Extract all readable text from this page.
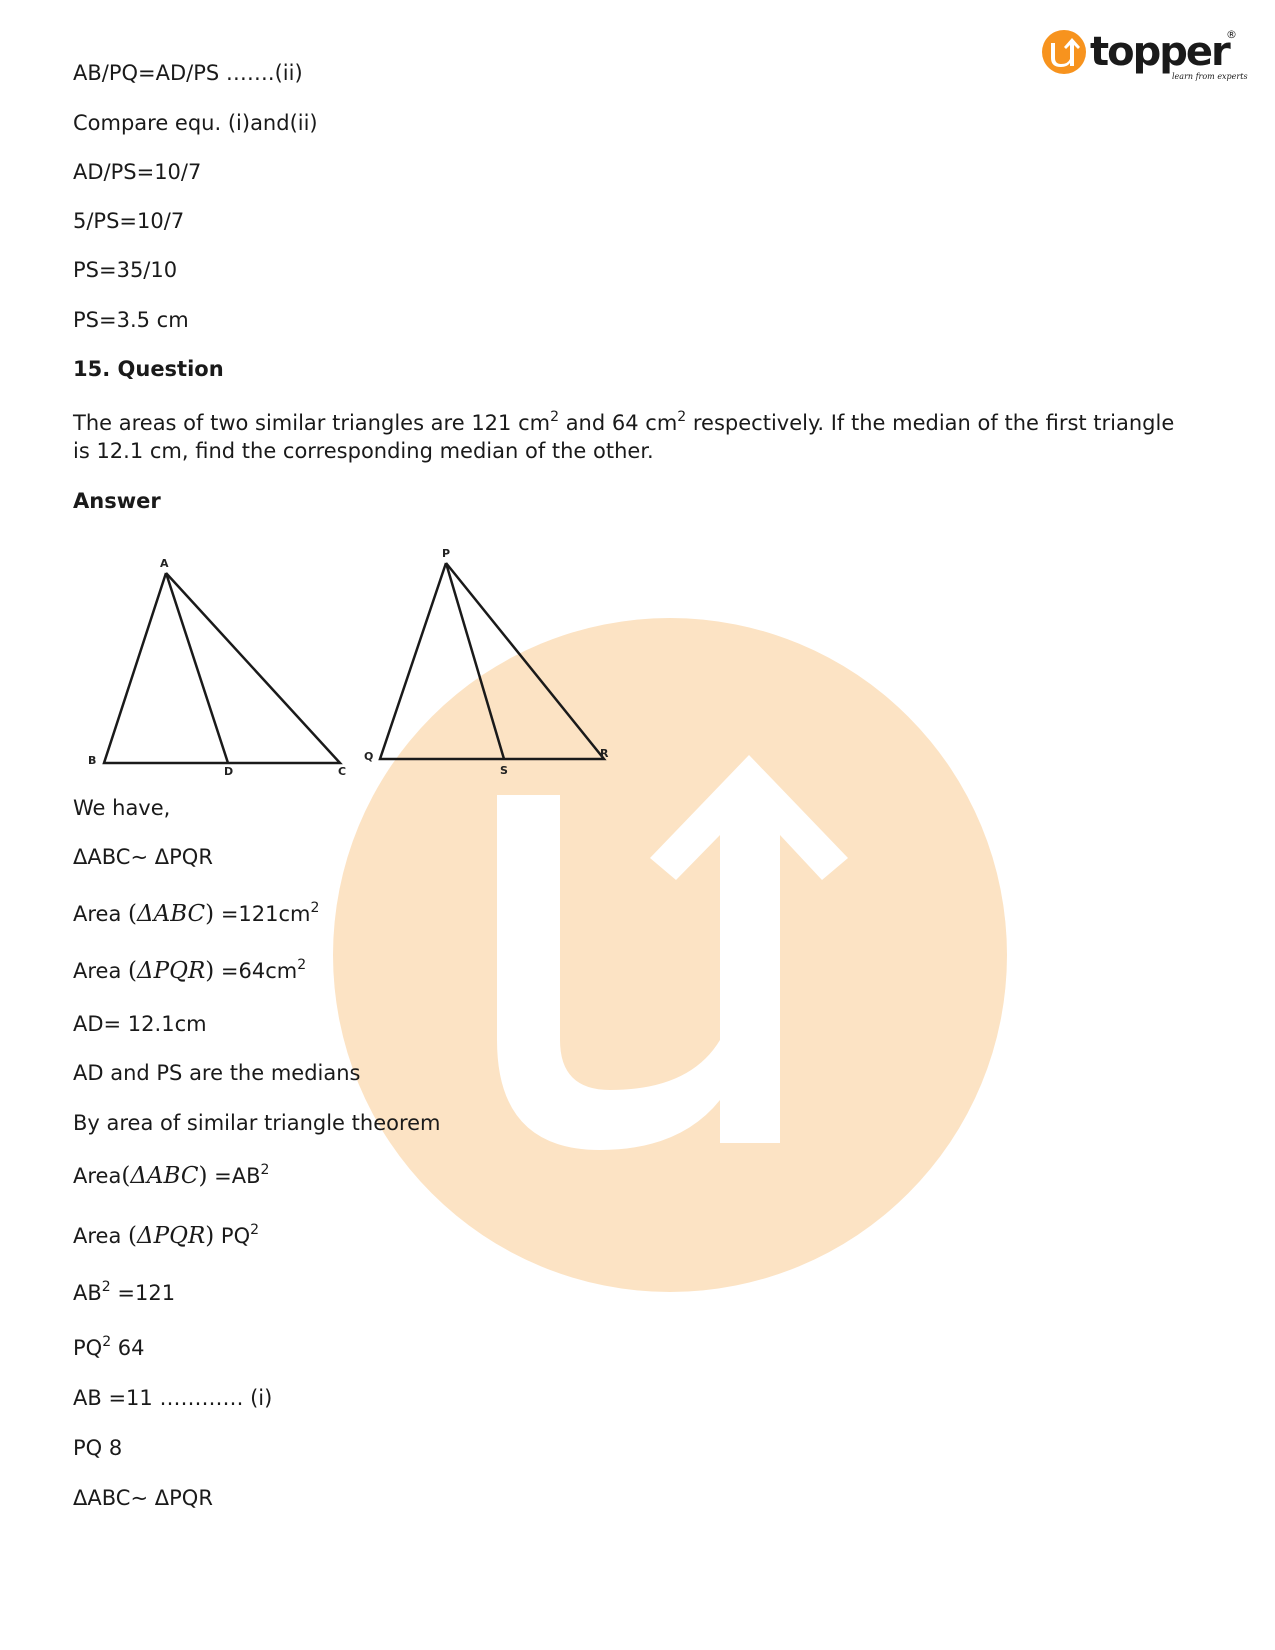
topper
®
learn from experts
AB/PQ=AD/PS …….(ii)
Compare equ. (i)and(ii)
AD/PS=10/7
5/PS=10/7
PS=35/10
PS=3.5 cm
15. Question
The areas of two similar triangles are 121 $cm^2$ and 64 $cm^2$ respectively. If the median of the first triangle is 12.1 cm, find the corresponding median of the other.
Answer
We have,
ΔABC∼ ΔPQR
Area $(\Delta ABC) =121cm^2$
Area $(\Delta PQR) =64cm^2$
AD= 12.1cm
AD and PS are the medians
By area of similar triangle theorem
Area(ΔABC) $=AB^2$
Area (ΔPQR) $PQ^2$
$AB^2 =121$
$PQ^2$ 64
AB =11 ………… (i)
PQ 8
ΔABC∼ ΔPQR
A
B
C
D
P
Q	R
S
